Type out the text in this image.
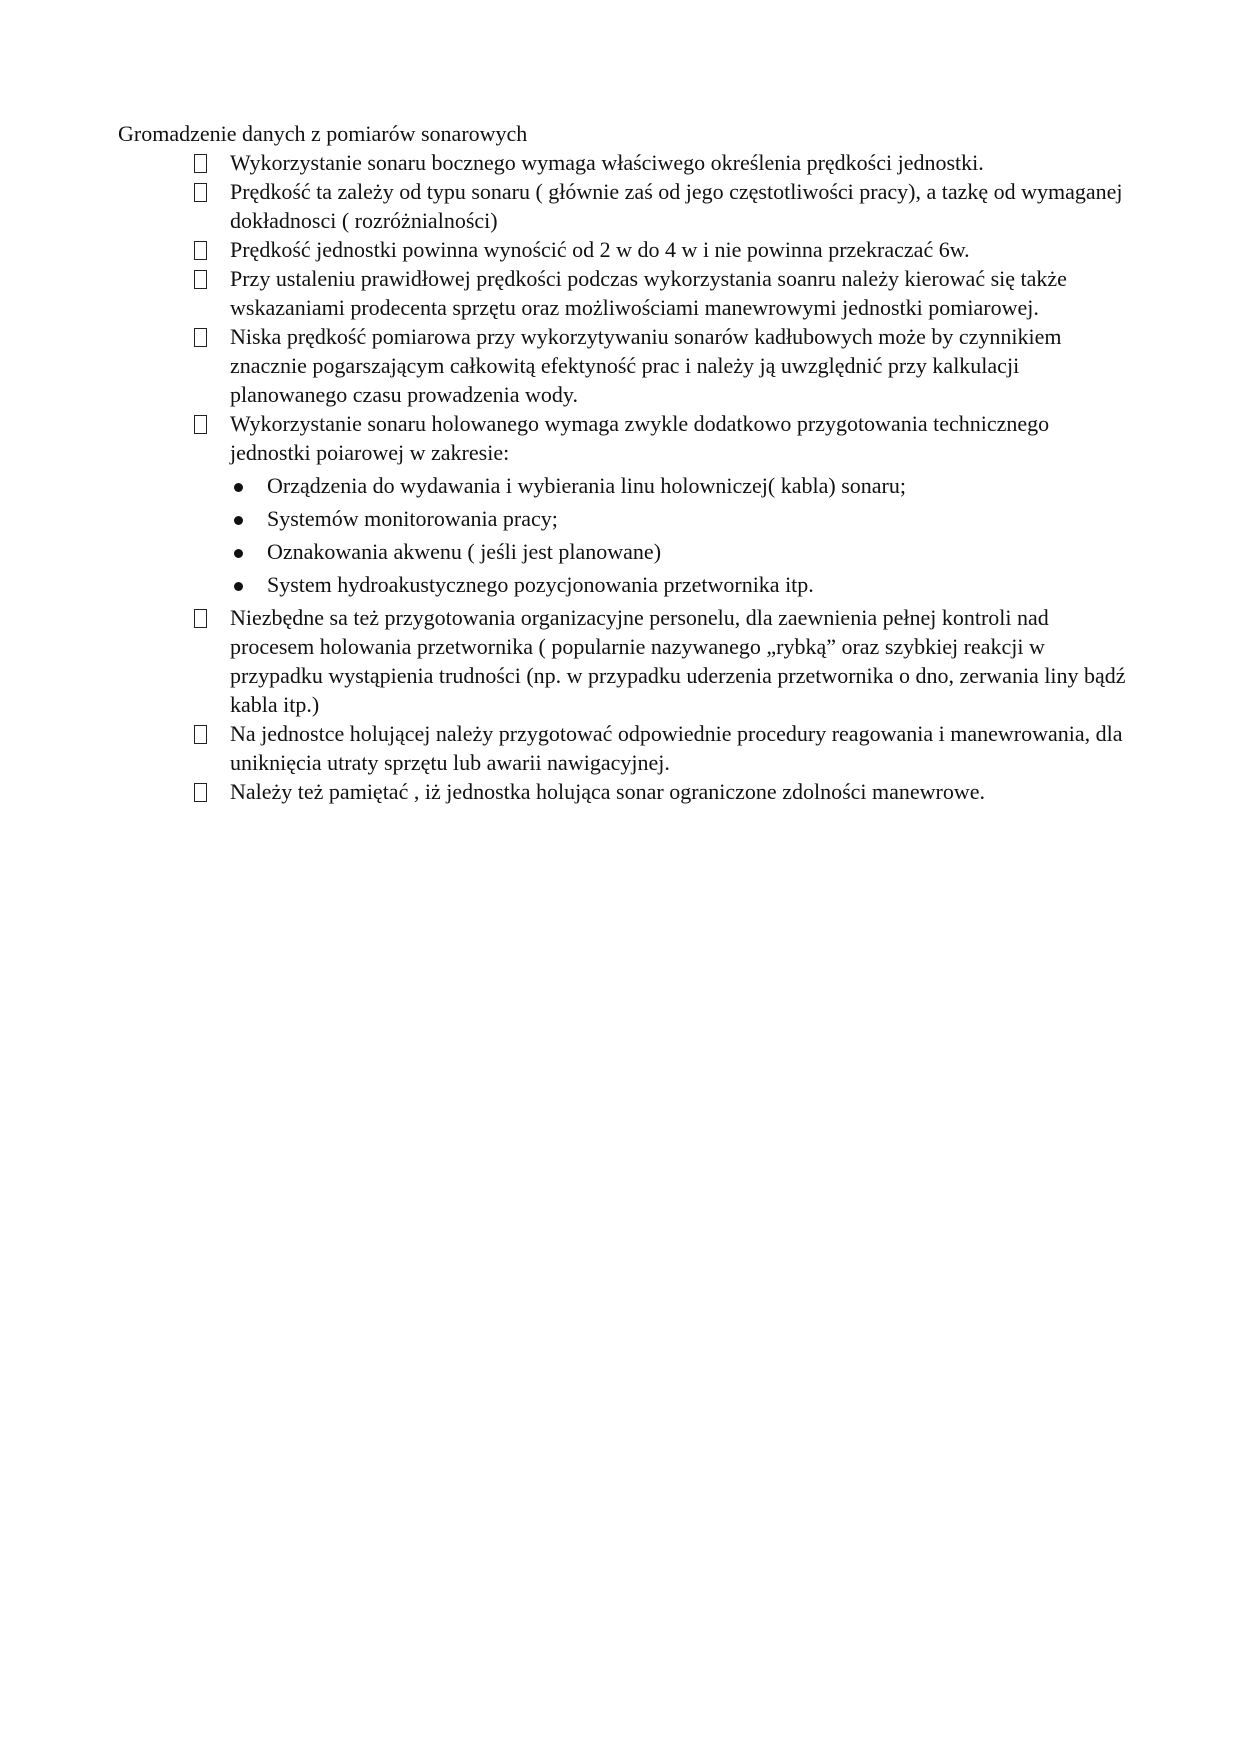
Gromadzenie danych z pomiarów sonarowych
Wykorzystanie sonaru bocznego wymaga właściwego określenia prędkości jednostki.
Prędkość ta zależy od typu sonaru ( głównie zaś od jego częstotliwości pracy), a tazkę od wymaganej dokładnosci ( rozróżnialności)
Prędkość jednostki powinna wynościć od 2 w do 4 w i nie powinna przekraczać 6w.
Przy ustaleniu prawidłowej prędkości podczas wykorzystania soanru należy kierować się także wskazaniami prodecenta sprzętu oraz możliwościami manewrowymi jednostki pomiarowej.
Niska prędkość pomiarowa przy wykorzytywaniu sonarów kadłubowych może by czynnikiem znacznie pogarszającym całkowitą efektyność prac i należy ją uwzględnić przy kalkulacji planowanego czasu prowadzenia wody.
Wykorzystanie sonaru holowanego wymaga zwykle dodatkowo przygotowania technicznego jednostki poiarowej w zakresie:
Orządzenia do wydawania i wybierania linu holowniczej( kabla) sonaru;
Systemów monitorowania pracy;
Oznakowania akwenu ( jeśli jest planowane)
System hydroakustycznego pozycjonowania przetwornika itp.
Niezbędne sa też przygotowania organizacyjne personelu, dla zaewnienia pełnej kontroli nad procesem holowania przetwornika ( popularnie nazywanego „rybką” oraz szybkiej reakcji w przypadku wystąpienia trudności (np. w przypadku uderzenia przetwornika o dno, zerwania liny bądź kabla itp.)
Na jednostce holującej należy przygotować odpowiednie procedury reagowania i manewrowania, dla uniknięcia utraty sprzętu lub awarii nawigacyjnej.
Należy też pamiętać , iż jednostka holująca sonar ograniczone zdolności manewrowe.
